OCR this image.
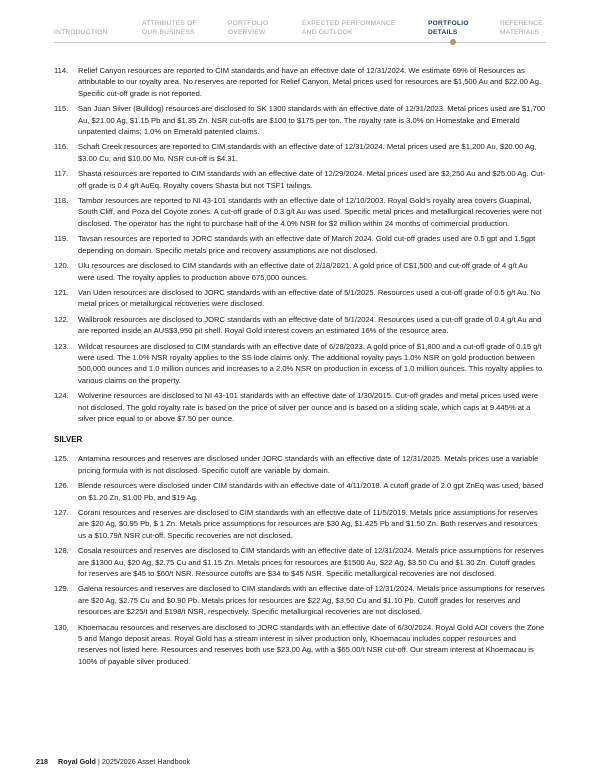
INTRODUCTION
ATTRIBUTES OF
OUR BUSINESS
PORTFOLIO
OVERVIEW
EXPECTED PERFORMANCE
AND OUTLOOK
PORTFOLIO
DETAILS
REFERENCE
MATERIALS
114.	Relief Canyon resources are reported to CIM standards and have an effective date of 12/31/2024. We estimate 69% of Resources as attributable to our royalty area. No reserves are reported for Relief Canyon. Metal prices used for resources are $1,500 Au and $22.00 Ag. Specific cut-off grade is not reported.
115.	San Juan Silver (Bulldog) resources are disclosed to SK 1300 standards with an effective date of 12/31/2023. Metal prices used are $1,700 Au, $21.00 Ag, $1.15 Pb and $1.35 Zn. NSR cut-offs are $100 to $175 per ton. The royalty rate is 3.0% on Homestake and Emerald unpatented claims; 1.0% on Emerald patented claims.
116.	Schaft Creek resources are reported to CIM standards with an effective date of 12/31/2024. Metal prices used are $1,200 Au, $20.00 Ag, $3.00 Cu, and $10.00 Mo. NSR cut-off is $4.31.
117.	Shasta resources are reported to CIM standards with an effective date of 12/29/2024. Metal prices used are $2,250 Au and $25.00 Ag. Cut-off grade is 0.4 g/t AuEq. Royalty covers Shasta but not TSF1 tailings.
118.	Tambor resources are reported to NI 43-101 standards with an effective date of 12/10/2003. Royal Gold’s royalty area covers Guapinal, South Cliff, and Poza del Coyote zones. A cut-off grade of 0.3 g/t Au was used. Specific metal prices and metallurgical recoveries were not disclosed. The operator has the right to purchase half of the 4.0% NSR for $2 million within 24 months of commercial production.
119.	Tavsan resources are reported to JORC standards with an effective date of March 2024. Gold cut-off grades used are 0.5 gpt and 1.5gpt depending on domain. Specific metals price and recovery assumptions are not disclosed.
120.	Ulu resources are disclosed to CIM standards with an effective date of 2/18/2021. A gold price of C$1,500 and cut-off grade of 4 g/t Au were used. The royalty applies to production above 675,000 ounces.
121.	Van Uden resources are disclosed to JORC standards with an effective date of 5/1/2025. Resources used a cut-off grade of 0.5 g/t Au. No metal prices or metallurgical recoveries were disclosed.
122.	Wallbrook resources are disclosed to JORC standards with an effective date of 5/1/2024. Resources used a cut-off grade of 0.4 g/t Au and are reported inside an AUS$3,950 pit shell. Royal Gold interest covers an estimated 16% of the resource area.
123.	Wildcat resources are disclosed to CIM standards with an effective date of 6/28/2023. A gold price of $1,800 and a cut-off grade of 0.15 g/t were used. The 1.0% NSR royalty applies to the SS lode claims only. The additional royalty pays 1.0% NSR on gold production between 500,000 ounces and 1.0 million ounces and increases to a 2.0% NSR on production in excess of 1.0 million ounces. This royalty applies to various claims on the property.
124.	Wolverine resources are disclosed to NI 43-101 standards with an effective date of 1/30/2015. Cut-off grades and metal prices used were not disclosed. The gold royalty rate is based on the price of silver per ounce and is based on a sliding scale, which caps at 9.445% at a silver price equal to or above $7.50 per ounce.
SILVER
125.	Antamina resources and reserves are disclosed under JORC standards with an effective date of 12/31/2025. Metals prices use a variable pricing formula with is not disclosed. Specific cutoff are variable by domain.
126.	Blende resources were disclosed under CIM standards with an effective date of 4/11/2018. A cutoff grade of 2.0 gpt ZnEq was used, based on $1.20 Zn, $1.00 Pb, and $19 Ag.
127.	Corani resources and reserves are disclosed to CIM standards with an effective date of 11/5/2019. Metals price assumptions for reserves are $20 Ag, $0.95 Pb, $ 1 Zn. Metals price assumptions for resources are $30 Ag, $1.425 Pb and $1.50 Zn. Both reserves and resources us a $10.79/t NSR cut-off. Specific recoveries are not disclosed.
128.	Cosala resources and reserves are disclosed to CIM standards with an effective date of 12/31/2024. Metals price assumptions for reserves are $1300 Au, $20 Ag, $2.75 Cu and $1.15 Zn. Metals prices for resources are $1500 Au, $22 Ag, $3.50 Cu and $1.30 Zn. Cutoff grades for reserves are $45 to $60/t NSR. Resource cutoffs are $34 to $45 NSR. Specific metallurgical recoveries are not disclosed.
129.	Galena resources and reserves are disclosed to CIM standards with an effective date of 12/31/2024. Metals price assumptions for reserves are $20 Ag, $2.75 Cu and $0.90 Pb. Metals prices for resources are $22 Ag, $3.50 Cu and $1.10 Pb. Cutoff grades for reserves and resources are $225/t and $198/t NSR, respectively. Specific metallurgical recoveries are not disclosed.
130.	Khoemacau resources and reserves are disclosed to JORC standards with an effective date of 6/30/2024. Royal Gold AOI covers the Zone 5 and Mango deposit areas. Royal Gold has a stream interest in silver production only, Khoemacau includes copper resources and reserves not listed here. Resources and reserves both use $23.00 Ag, with a $65.00/t NSR cut-off. Our stream interest at Khoemacau is 100% of payable silver produced.
218 Royal Gold | 2025/2026 Asset Handbook
